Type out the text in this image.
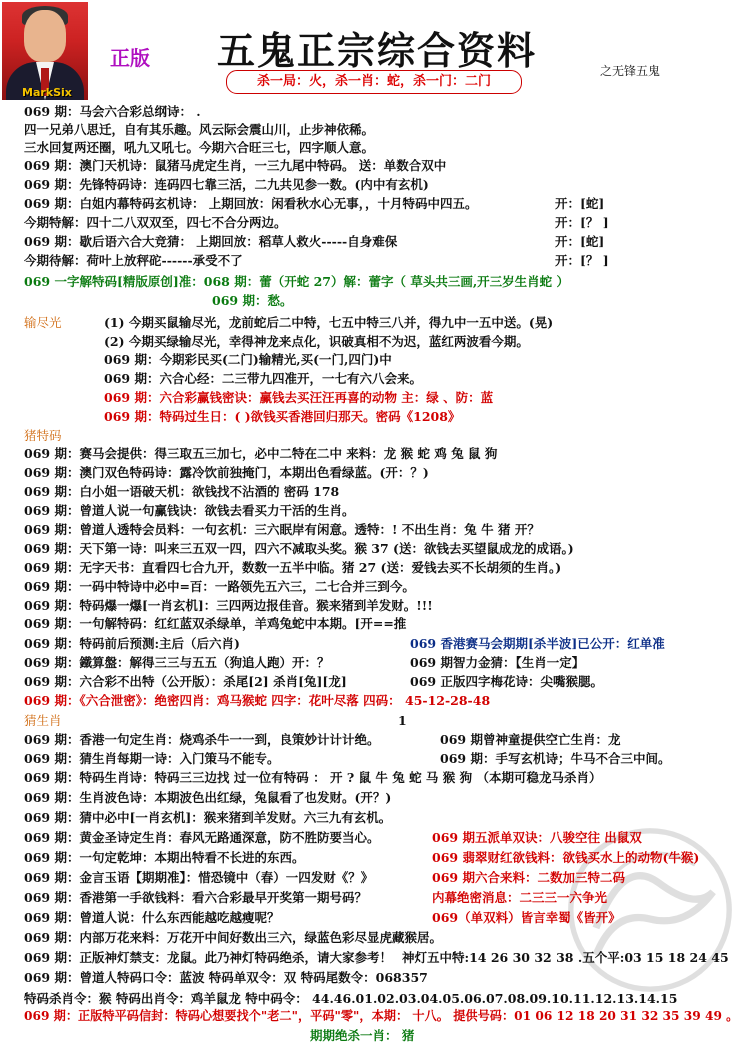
MarkSix
正版	五鬼正宗综合资料
杀一局：火，杀一肖：蛇，杀一门：二门
之无锋五鬼
069 期：马会六合彩总纲诗： .
四一兄弟八思迁，自有其乐趣。风云际会震山川，止步神依稀。
三水回复两还圈，吼九又吼七。今期六合旺三七，四字顺人意。
069 期：澳门天机诗：鼠猪马虎定生肖，一三九尾中特码。 送：单数合双中
069 期：先锋特码诗：连码四七靠三活，二九共见参一数。(内中有玄机)
069 期：白姐内幕特码玄机诗： 上期回放：闲看秋水心无事，，十月特码中四五。	开：[蛇]
今期特解：四十二八双双至，四七不合分两边。	开：[？ ]
069 期：歇后语六合大竞猜： 上期回放：稻草人救火-----自身难保	开：[蛇]
今期待解：荷叶上放秤砣------承受不了	开：[？ ]
069 一字解特码[精版原创]准：068 期：蕾（开蛇 27）解：蕾字（ 草头共三画,开三岁生肖蛇 ）
069 期：愁。
输尽光	(1) 今期买鼠输尽光，龙前蛇后二中特，七五中特三八并，得九中一五中送。(晃)
(2) 今期买绿输尽光，幸得神龙来点化，识破真相不为迟，蓝红两波看今期。
069 期：今期彩民买(二门)输精光,买(一门,四门)中
069 期：六合心经：二三带九四准开，一七有六八会来。
069 期：六合彩赢钱密诀：赢钱去买汪汪再喜的动物 主：绿 、防：蓝
069 期：特码过生日：( )欲钱买香港回归那天。密码《1208》
猪特码
069 期：赛马会提供：得三取五三加七，必中二特在二中 来料：龙 猴 蛇 鸡 兔 鼠 狗
069 期：澳门双色特码诗：露冷饮前独掩门，本期出色看绿蓝。(开：？)
069 期：白小姐一语破天机：欲钱找不沾酒的 密码 178
069 期：曾道人说一句赢钱诀：欲钱去看买力干活的生肖。
069 期：曾道人透特会员料：一句玄机：三六眠岸有闲意。透特：! 不出生肖：兔 牛 猪 开？
069 期：天下第一诗：叫来三五双一四，四六不减取头奖。猴 37 (送：欲钱去买望鼠成龙的成语。)
069 期：无字天书：直看四七合九开，数数一五半中临。猪 27 (送：爱钱去买不长胡须的生肖。)
069 期：一码中特诗中必中=百：一路领先五六三，二七合并三到今。
069 期：特码爆一爆[一肖玄机]：三四两边报佳音。猴来猪到羊发财。!!!
069 期：一句解特码：红红蓝双杀绿单，羊鸡兔蛇中本期。[开==推
069 期：特码前后预测:主后（后六肖)	069 香港赛马会期期[杀半波]已公开：红单准
069 期：鐵算盤：解得三三与五五（狗追人跑）开：？	069 期智力金猜：【生肖一定】
069 期：六合彩不出特（公开版）：杀尾[2] 杀肖[兔][龙]	069 正版四字梅花诗：尖嘴猴腮。
069 期：《六合泄密》：绝密四肖：鸡马猴蛇 四字：花叶尽落 四码： 45-12-28-48
猜生肖	1
069 期：香港一句定生肖：烧鸡杀牛一一到，良策妙计计计绝。	069 期曾神童提供空亡生肖：龙
069 期：猜生肖每期一诗：入门策马不能专。	069 期：手写玄机诗；牛马不合三中间。
069 期：特码生肖诗：特码三三边找 过一位有特码 ： 开 ? 鼠 牛 兔 蛇 马 猴 狗 （本期可稳龙马杀肖）
069 期：生肖波色诗：本期波色出红绿，兔鼠看了也发财。(开？)
069 期：猜中必中[一肖玄机]：猴来猪到羊发财。六三九有玄机。
069 期：黄金圣诗定生肖：春风无路通深意，防不胜防要当心。	069 期五派单双诀：八骏空往 出鼠双
069 期：一句定乾坤：本期出特看不长进的东西。	069 翡翠财红欲钱料：欲钱买水上的动物(牛猴)
069 期：金言玉语【期期准】：惜恐镜中（春）一四发财《？》	069 期六合来料：二数加三特二码
069 期：香港第一手欲钱料：看六合彩最早开奖第一期号码？	内幕绝密消息：二三三一六争光
069 期：曾道人说：什么东西能越吃越瘦呢？	069（单双料）皆言幸蜀《皆开》
069 期：内部万花来料：万花开中间好数出三六，绿蓝色彩尽显虎藏猴居。
069 期：正版神灯禁支：龙鼠。此乃神灯特码绝杀，请大家参考！ 神灯五中特:14 26 30 32 38 .五个平:03 15 18 24 45
069 期：曾道人特码口令：蓝波 特码单双令：双 特码尾数令：068357
特码杀肖令：猴 特码出肖令：鸡羊鼠龙 特中码令： 44.46.01.02.03.04.05.06.07.08.09.10.11.12.13.14.15
069 期：正版特平码信封：特码心想要找个"老二"，平码"零"，本期： 十八。 提供号码：01 06 12 18 20 31 32 35 39 49 。
期期绝杀一肖： 猪
